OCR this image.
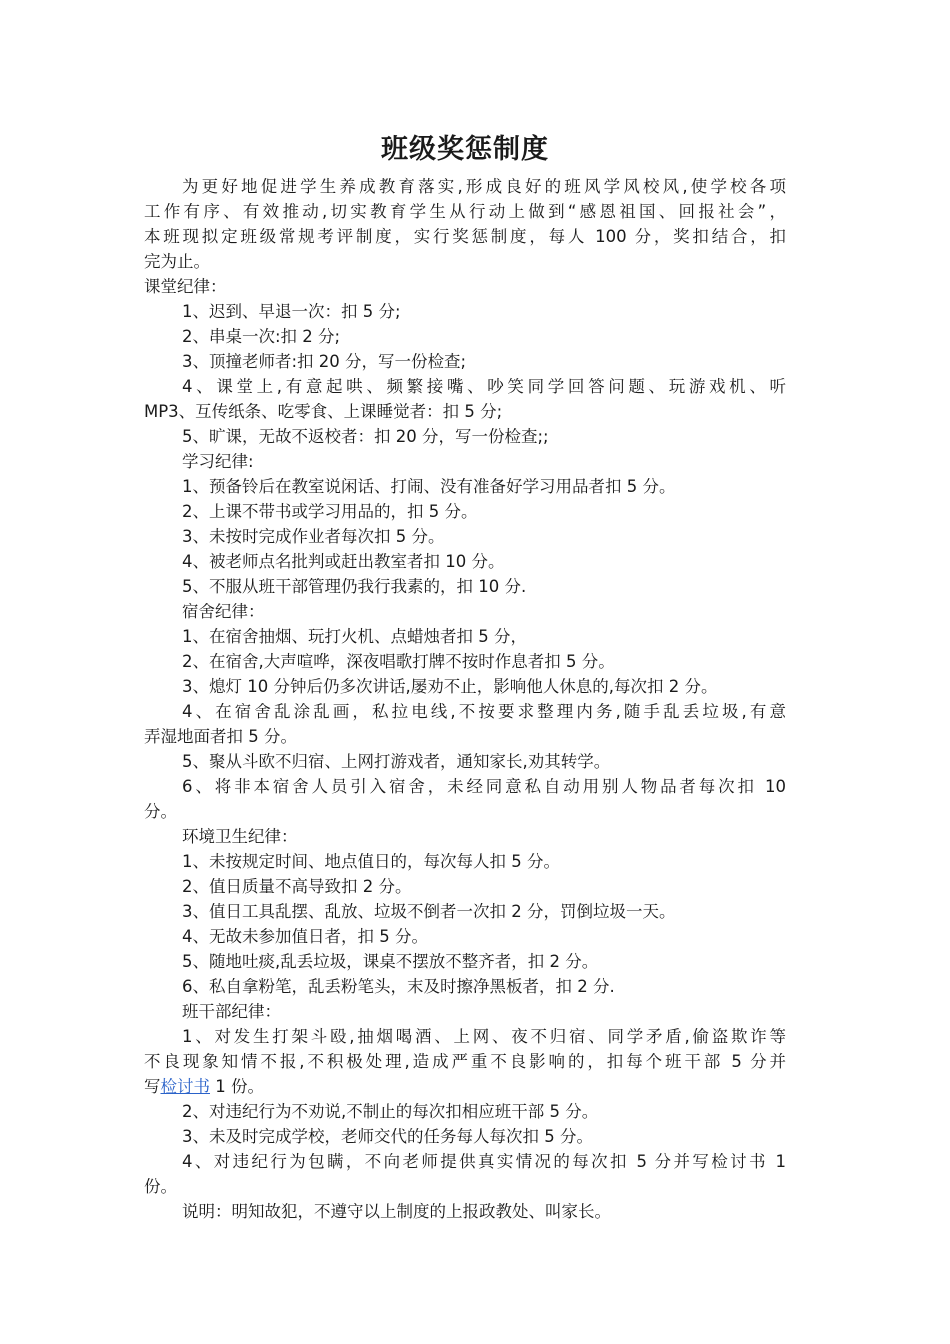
班级奖惩制度
为更好地促进学生养成教育落实,形成良好的班风学风校风,使学校各项
工作有序、有效推动,切实教育学生从行动上做到“感恩祖国、回报社会”，
本班现拟定班级常规考评制度，实行奖惩制度，每人 100 分，奖扣结合，扣
完为止。
课堂纪律：
1、迟到、早退一次：扣 5 分;
2、串桌一次:扣 2 分;
3、顶撞老师者:扣 20 分，写一份检查;
4、课堂上,有意起哄、频繁接嘴、吵笑同学回答问题、玩游戏机、听
MP3、互传纸条、吃零食、上课睡觉者：扣 5 分;
5、旷课，无故不返校者：扣 20 分，写一份检查;;
学习纪律:
1、预备铃后在教室说闲话、打闹、没有准备好学习用品者扣 5 分。
2、上课不带书或学习用品的，扣 5 分。
3、未按时完成作业者每次扣 5 分。
4、被老师点名批判或赶出教室者扣 10 分。
5、不服从班干部管理仍我行我素的，扣 10 分.
宿舍纪律：
1、在宿舍抽烟、玩打火机、点蜡烛者扣 5 分，
2、在宿舍,大声喧哗，深夜唱歌打牌不按时作息者扣 5 分。
3、熄灯 10 分钟后仍多次讲话,屡劝不止，影响他人休息的,每次扣 2 分。
4、在宿舍乱涂乱画，私拉电线,不按要求整理内务,随手乱丢垃圾,有意
弄湿地面者扣 5 分。
5、聚从斗欧不归宿、上网打游戏者，通知家长,劝其转学。
6、将非本宿舍人员引入宿舍，未经同意私自动用别人物品者每次扣 10
分。
环境卫生纪律：
1、未按规定时间、地点值日的，每次每人扣 5 分。
2、值日质量不高导致扣 2 分。
3、值日工具乱摆、乱放、垃圾不倒者一次扣 2 分，罚倒垃圾一天。
4、无故未参加值日者，扣 5 分。
5、随地吐痰,乱丢垃圾，课桌不摆放不整齐者，扣 2 分。
6、私自拿粉笔，乱丢粉笔头，末及时擦净黑板者，扣 2 分.
班干部纪律：
1、对发生打架斗殴,抽烟喝酒、上网、夜不归宿、同学矛盾,偷盗欺诈等
不良现象知情不报,不积极处理,造成严重不良影响的，扣每个班干部 5 分并
写检讨书 1 份。
2、对违纪行为不劝说,不制止的每次扣相应班干部 5 分。
3、未及时完成学校，老师交代的任务每人每次扣 5 分。
4、对违纪行为包瞒，不向老师提供真实情况的每次扣 5 分并写检讨书 1
份。
说明：明知故犯，不遵守以上制度的上报政教处、叫家长。
